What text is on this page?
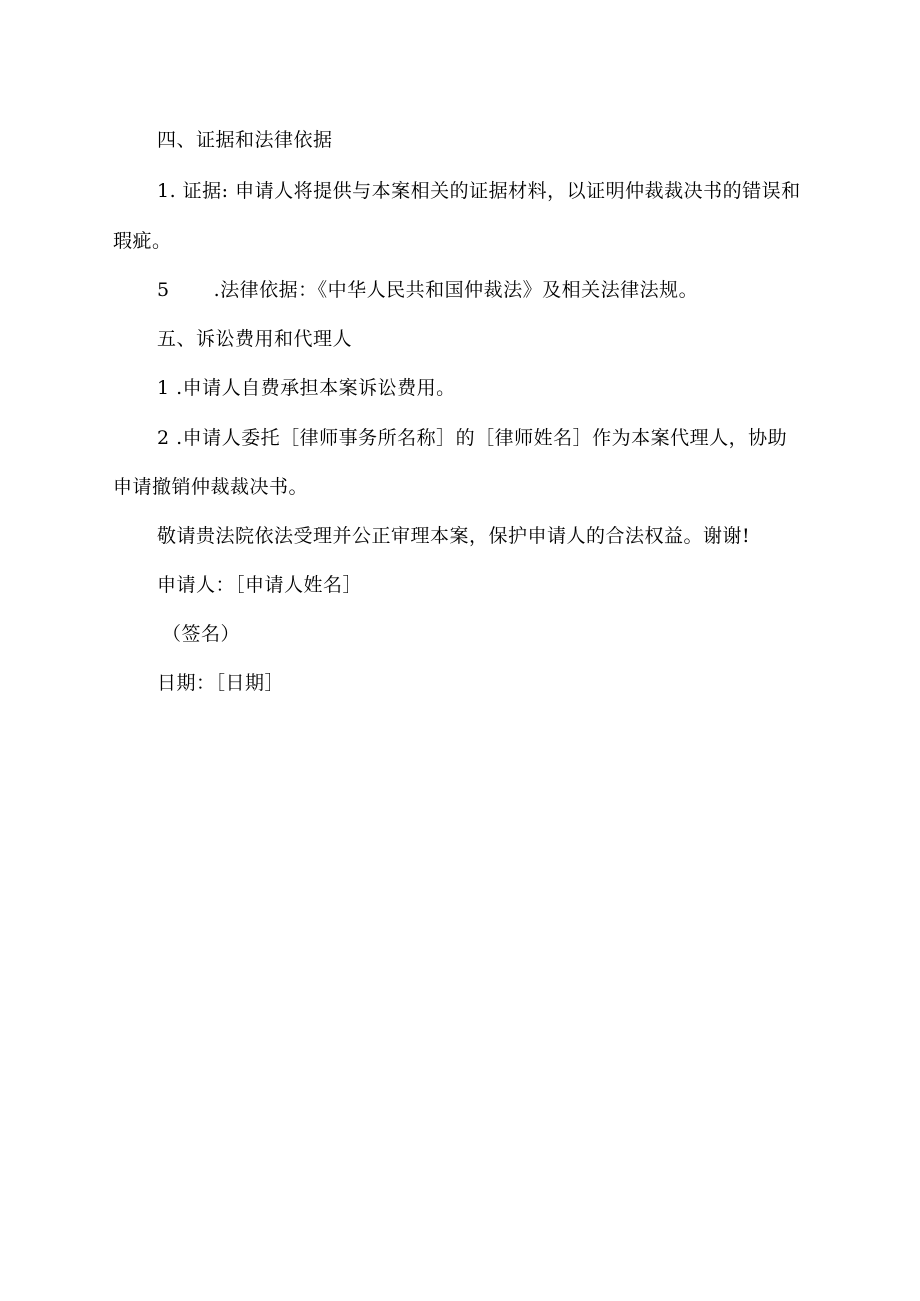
四、证据和法律依据
1. 证据: 申请人将提供与本案相关的证据材料，以证明仲裁裁决书的错误和
瑕疵。
5 .法律依据：《中华人民共和国仲裁法》及相关法律法规。
五、诉讼费用和代理人
1 .申请人自费承担本案诉讼费用。
2 .申请人委托［律师事务所名称］的［律师姓名］作为本案代理人，协助
申请撤销仲裁裁决书。
敬请贵法院依法受理并公正审理本案，保护申请人的合法权益。谢谢!
申请人：［申请人姓名］
（签名）
日期：［日期］
